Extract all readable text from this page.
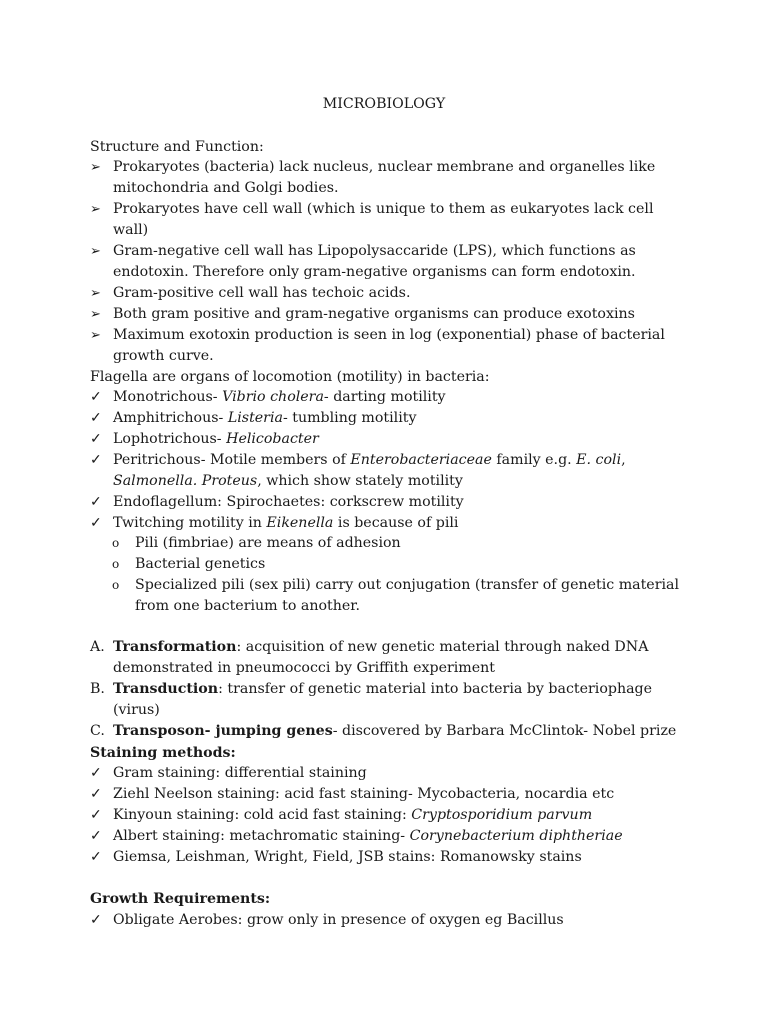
MICROBIOLOGY
Structure and Function:
➢ Prokaryotes (bacteria) lack nucleus, nuclear membrane and organelles like mitochondria and Golgi bodies.
➢ Prokaryotes have cell wall (which is unique to them as eukaryotes lack cell wall)
➢ Gram-negative cell wall has Lipopolysaccaride (LPS), which functions as endotoxin. Therefore only gram-negative organisms can form endotoxin.
➢ Gram-positive cell wall has techoic acids.
➢ Both gram positive and gram-negative organisms can produce exotoxins
➢ Maximum exotoxin production is seen in log (exponential) phase of bacterial growth curve.
Flagella are organs of locomotion (motility) in bacteria:
✓ Monotrichous- Vibrio cholera- darting motility
✓ Amphitrichous- Listeria- tumbling motility
✓ Lophotrichous- Helicobacter
✓ Peritrichous- Motile members of Enterobacteriaceae family e.g. E. coli, Salmonella. Proteus, which show stately motility
✓ Endoflagellum: Spirochaetes: corkscrew motility
✓ Twitching motility in Eikenella is because of pili
o	Pili (fimbriae) are means of adhesion
o	Bacterial genetics
o	Specialized pili (sex pili) carry out conjugation (transfer of genetic material from one bacterium to another.
A. Transformation: acquisition of new genetic material through naked DNA demonstrated in pneumococci by Griffith experiment
B. Transduction: transfer of genetic material into bacteria by bacteriophage (virus)
C. Transposon- jumping genes- discovered by Barbara McClintok- Nobel prize
Staining methods:
✓ Gram staining: differential staining
✓ Ziehl Neelson staining: acid fast staining- Mycobacteria, nocardia etc
✓ Kinyoun staining: cold acid fast staining: Cryptosporidium parvum
✓ Albert staining: metachromatic staining- Corynebacterium diphtheriae
✓ Giemsa, Leishman, Wright, Field, JSB stains: Romanowsky stains
Growth Requirements:
✓ Obligate Aerobes: grow only in presence of oxygen eg Bacillus
